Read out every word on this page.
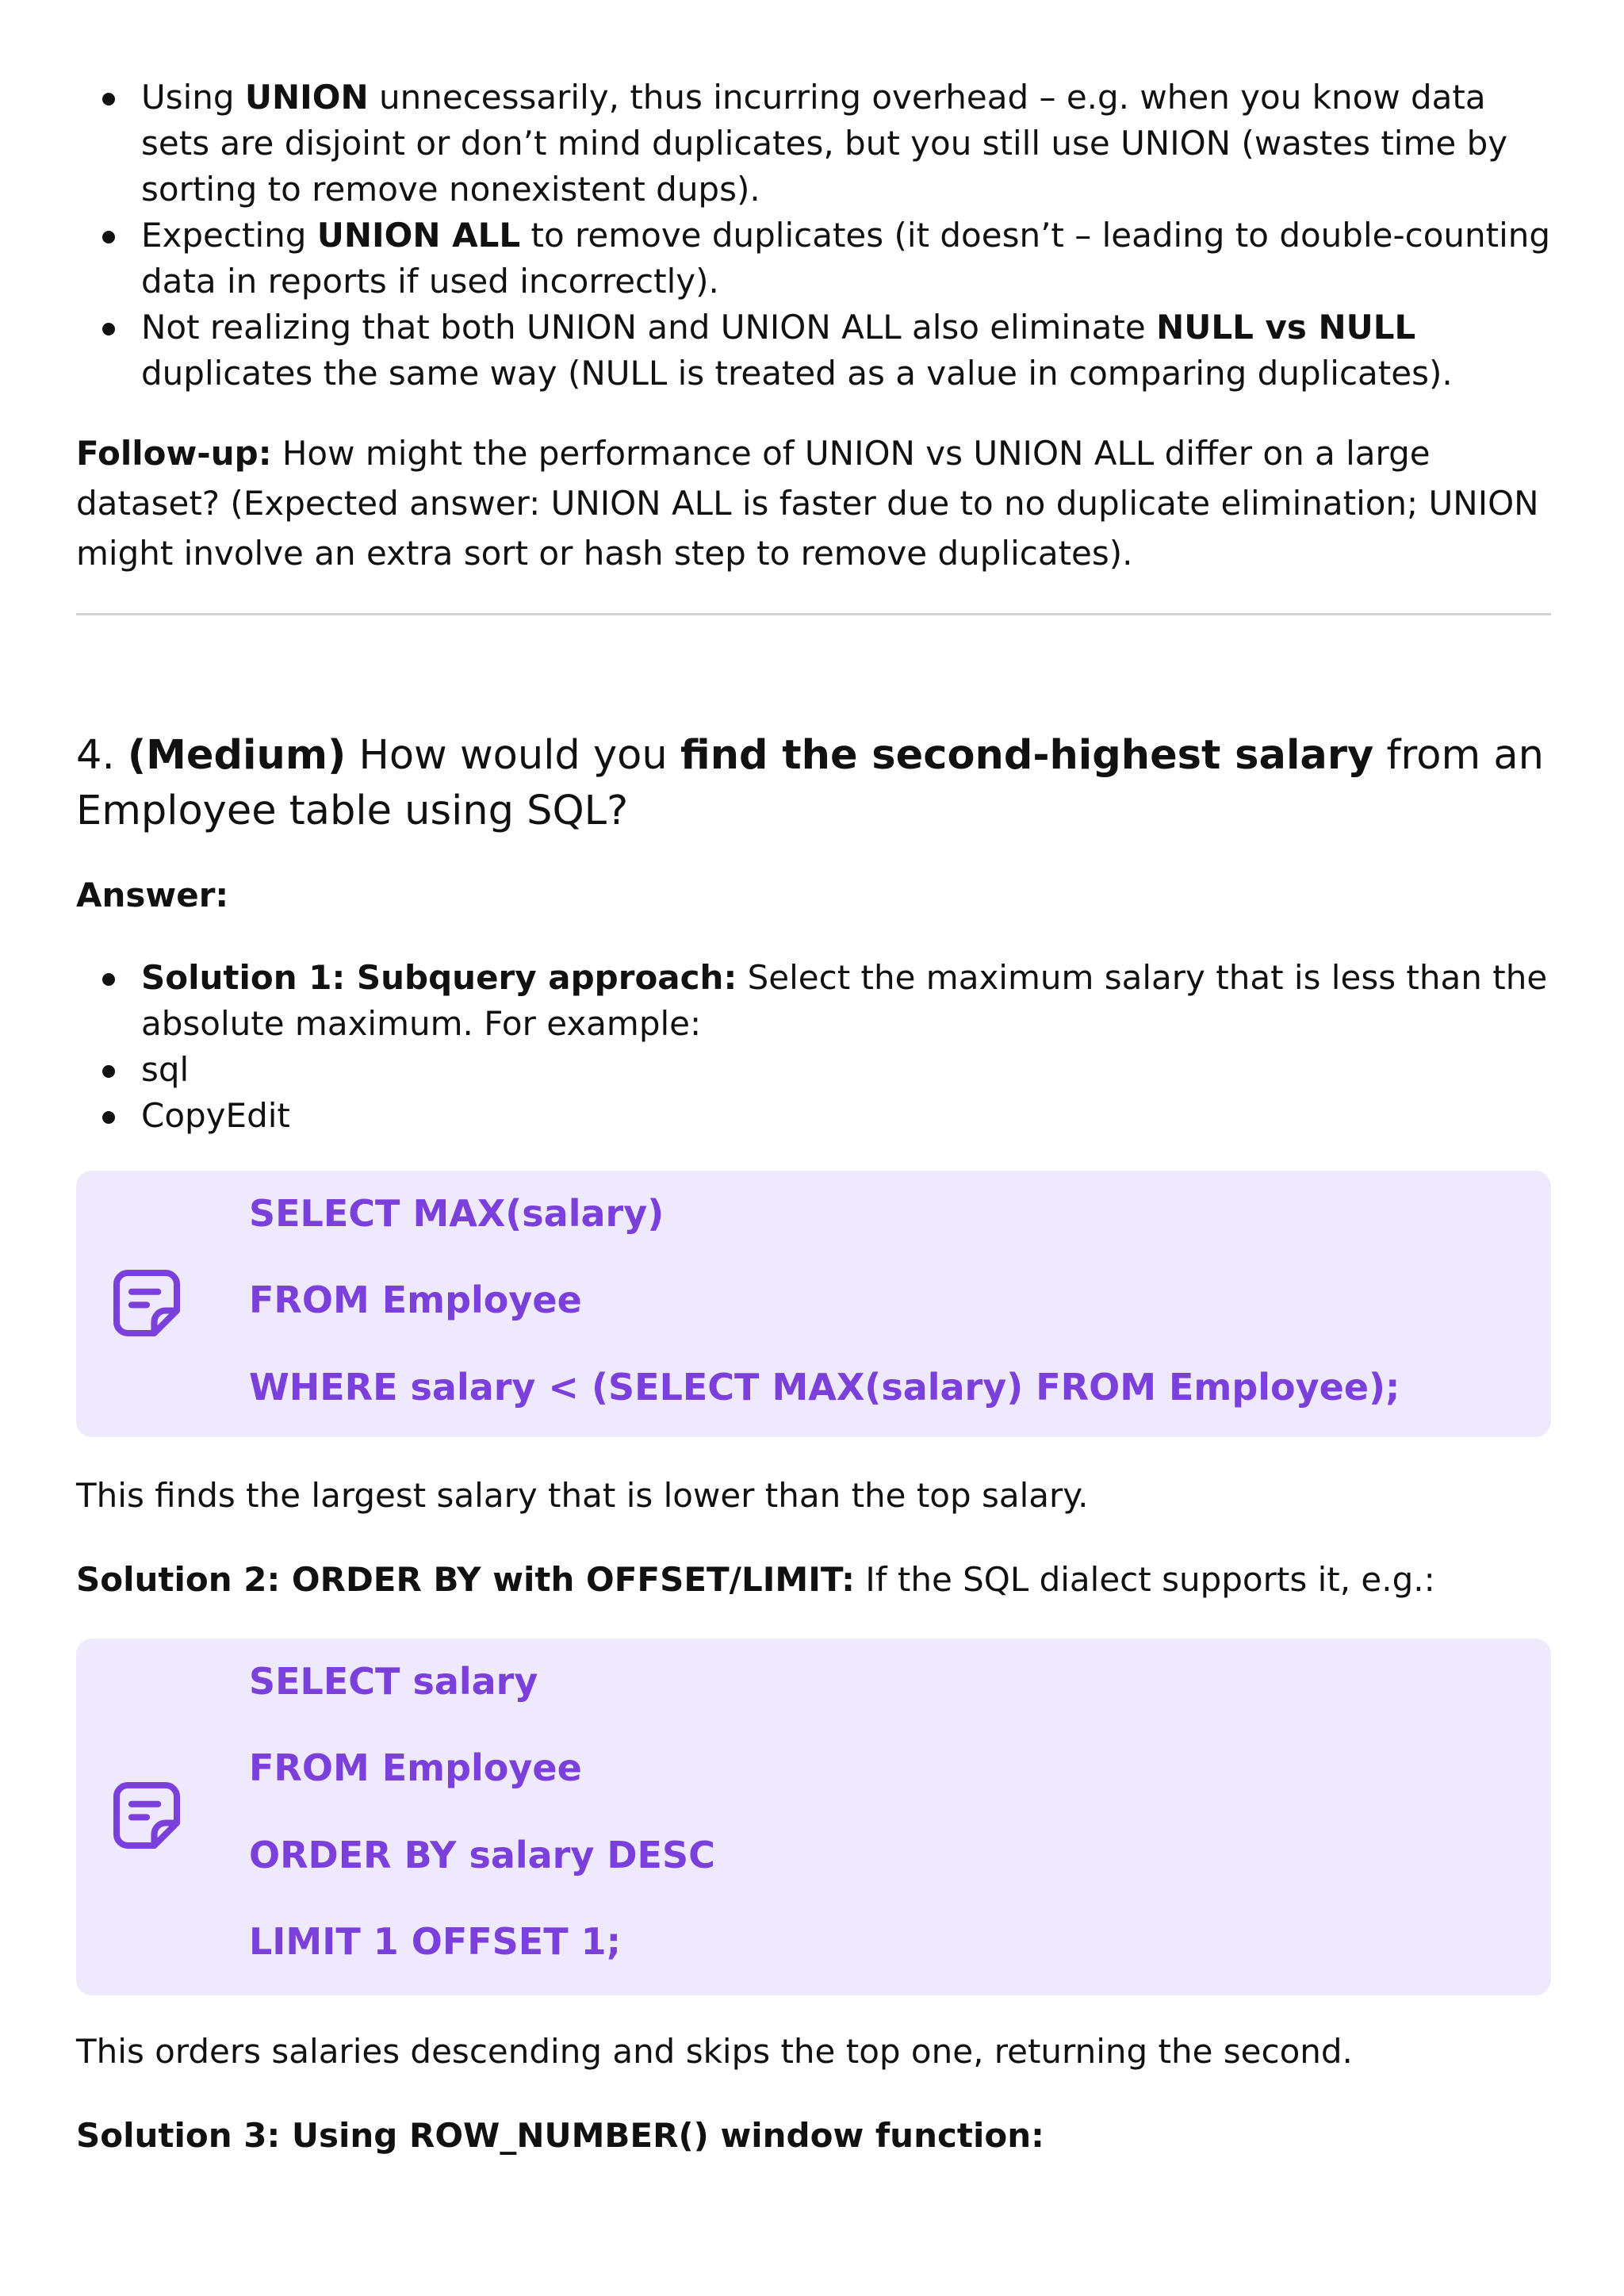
Using UNION unnecessarily, thus incurring overhead – e.g. when you know data sets are disjoint or don’t mind duplicates, but you still use UNION (wastes time by sorting to remove nonexistent dups).
Expecting UNION ALL to remove duplicates (it doesn’t – leading to double-counting data in reports if used incorrectly).
Not realizing that both UNION and UNION ALL also eliminate NULL vs NULL duplicates the same way (NULL is treated as a value in comparing duplicates).

Follow-up: How might the performance of UNION vs UNION ALL differ on a large dataset? (Expected answer: UNION ALL is faster due to no duplicate elimination; UNION might involve an extra sort or hash step to remove duplicates).

4. (Medium) How would you find the second-highest salary from an Employee table using SQL?

Answer:

Solution 1: Subquery approach: Select the maximum salary that is less than the absolute maximum. For example:
sql
CopyEdit
SELECT MAX(salary)
FROM Employee
WHERE salary < (SELECT MAX(salary) FROM Employee);

This finds the largest salary that is lower than the top salary.

Solution 2: ORDER BY with OFFSET/LIMIT: If the SQL dialect supports it, e.g.:

SELECT salary
FROM Employee
ORDER BY salary DESC
LIMIT 1 OFFSET 1;

This orders salaries descending and skips the top one, returning the second.

Solution 3: Using ROW_NUMBER() window function:
